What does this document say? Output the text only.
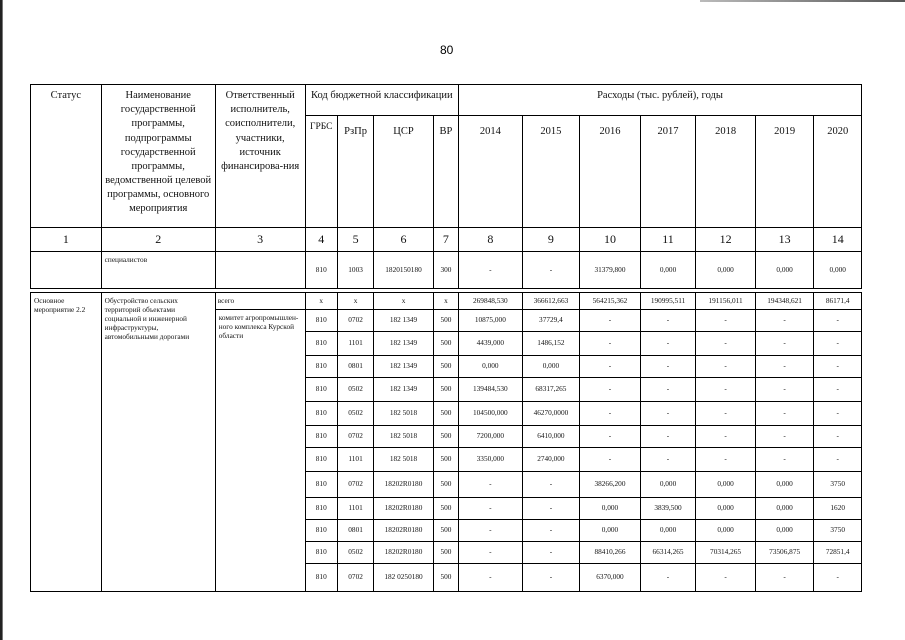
80
Статус	Наименование государственной программы, подпрограммы государственной программы, ведомственной целевой программы, основного мероприятия	Ответственный исполнитель, соисполнители, участники, источник финансирова-ния	Код бюджетной классификации				Расходы (тыс. рублей), годы						
			ГРБС	РзПр	ЦСР	ВР	2014	2015	2016	2017	2018	2019	2020
1	2	3	4	5	6	7	8	9	10	11	12	13	14
	специалистов		810	1003	1820150180	300	-	-	31379,800	0,000	0,000	0,000	0,000

Основное мероприятие 2.2	Обустройство сельских территорий объектами социальной и инженерной инфраструктуры, автомобильными дорогами	всего	x	x	x	x	269848,530	366612,663	564215,362	190995,511	191156,011	194348,621	86171,4
		комитет агропромышлен-ного комплекса Курской области	810	0702	182 1349	500	10875,000	37729,4	-	-	-	-	-
			810	1101	182 1349	500	4439,000	1486,152	-	-	-	-	-
			810	0801	182 1349	500	0,000	0,000	-	-	-	-	-
			810	0502	182 1349	500	139484,530	68317,265	-	-	-	-	-
			810	0502	182 5018	500	104500,000	46270,0000	-	-	-	-	-
			810	0702	182 5018	500	7200,000	6410,000	-	-	-	-	-
			810	1101	182 5018	500	3350,000	2740,000	-	-	-	-	-
			810	0702	18202R0180	500	-	-	38266,200	0,000	0,000	0,000	3750
			810	1101	18202R0180	500	-	-	0,000	3839,500	0,000	0,000	1620
			810	0801	18202R0180	500	-	-	0,000	0,000	0,000	0,000	3750
			810	0502	18202R0180	500	-	-	88410,266	66314,265	70314,265	73506,875	72851,4
			810	0702	182 0250180	500	-	-	6370,000	-	-	-	-
